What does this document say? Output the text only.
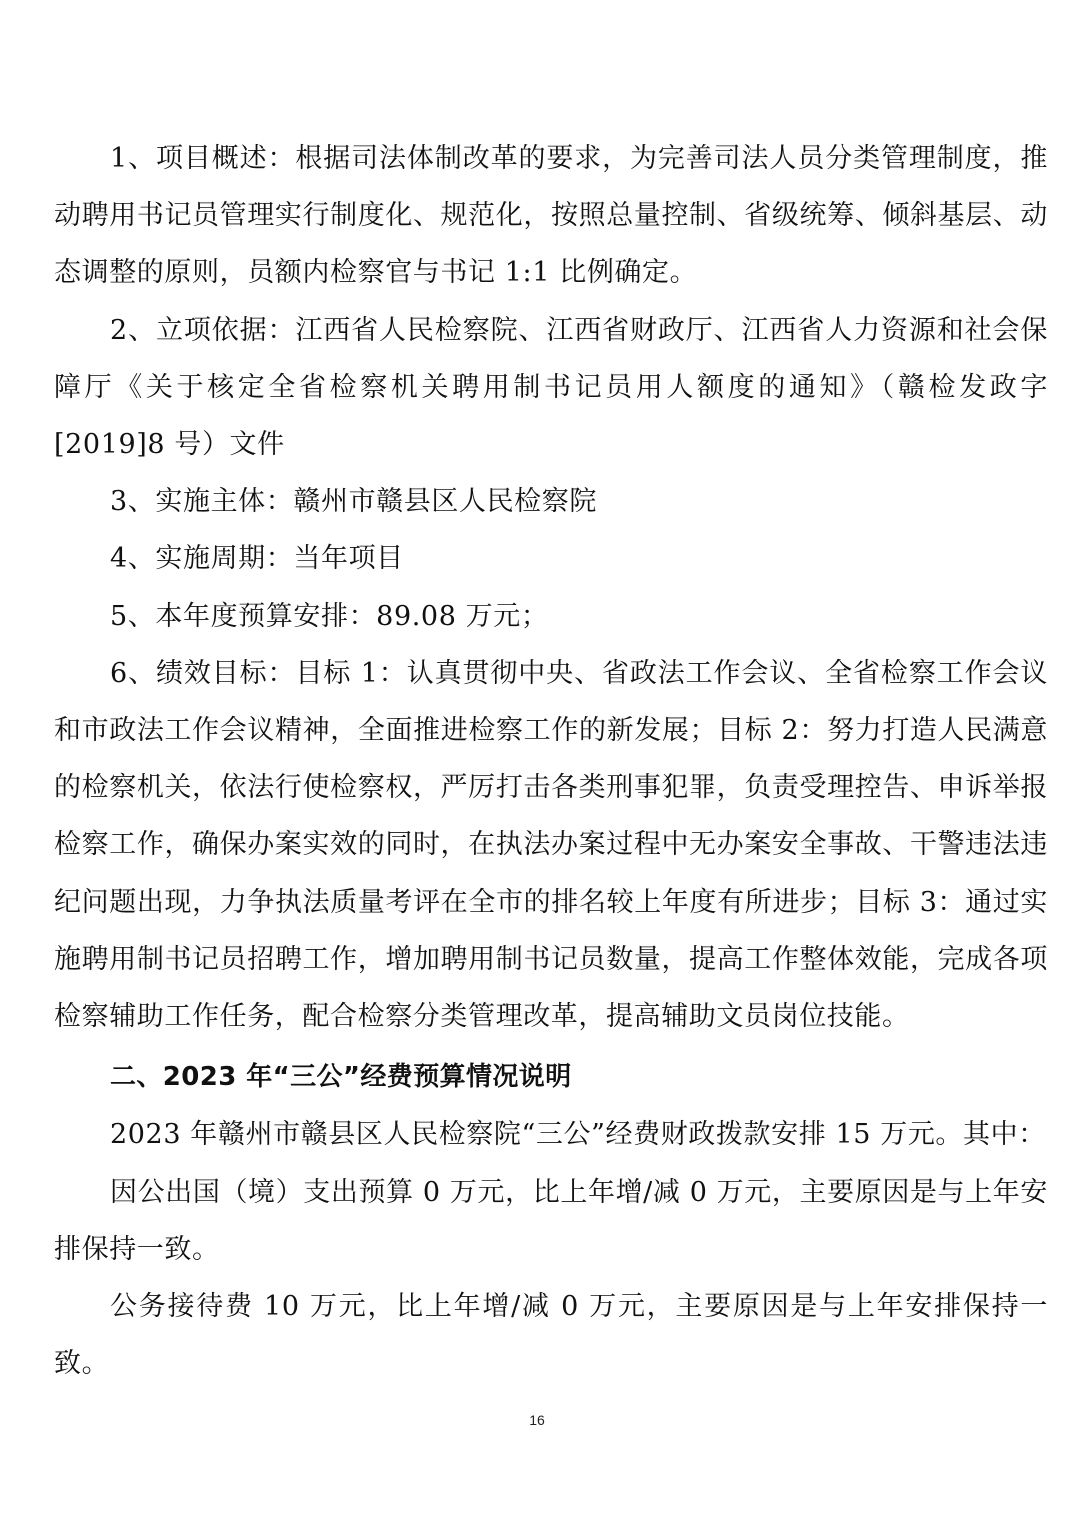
1、项目概述：根据司法体制改革的要求，为完善司法人员分类管理制度，推动聘用书记员管理实行制度化、规范化，按照总量控制、省级统筹、倾斜基层、动态调整的原则，员额内检察官与书记 1:1 比例确定。

2、立项依据：江西省人民检察院、江西省财政厅、江西省人力资源和社会保障厅《关于核定全省检察机关聘用制书记员用人额度的通知》（赣检发政字[2019]8 号）文件

3、实施主体：赣州市赣县区人民检察院

4、实施周期：当年项目

5、本年度预算安排：89.08 万元；

6、绩效目标：目标 1：认真贯彻中央、省政法工作会议、全省检察工作会议和市政法工作会议精神，全面推进检察工作的新发展；目标 2：努力打造人民满意的检察机关，依法行使检察权，严厉打击各类刑事犯罪，负责受理控告、申诉举报检察工作，确保办案实效的同时，在执法办案过程中无办案安全事故、干警违法违纪问题出现，力争执法质量考评在全市的排名较上年度有所进步；目标 3：通过实施聘用制书记员招聘工作，增加聘用制书记员数量，提高工作整体效能，完成各项检察辅助工作任务，配合检察分类管理改革，提高辅助文员岗位技能。

二、2023 年“三公”经费预算情况说明

2023 年赣州市赣县区人民检察院“三公”经费财政拨款安排 15 万元。其中：

因公出国（境）支出预算 0 万元，比上年增/减 0 万元，主要原因是与上年安排保持一致。

公务接待费 10 万元，比上年增/减 0 万元，主要原因是与上年安排保持一致。

16
